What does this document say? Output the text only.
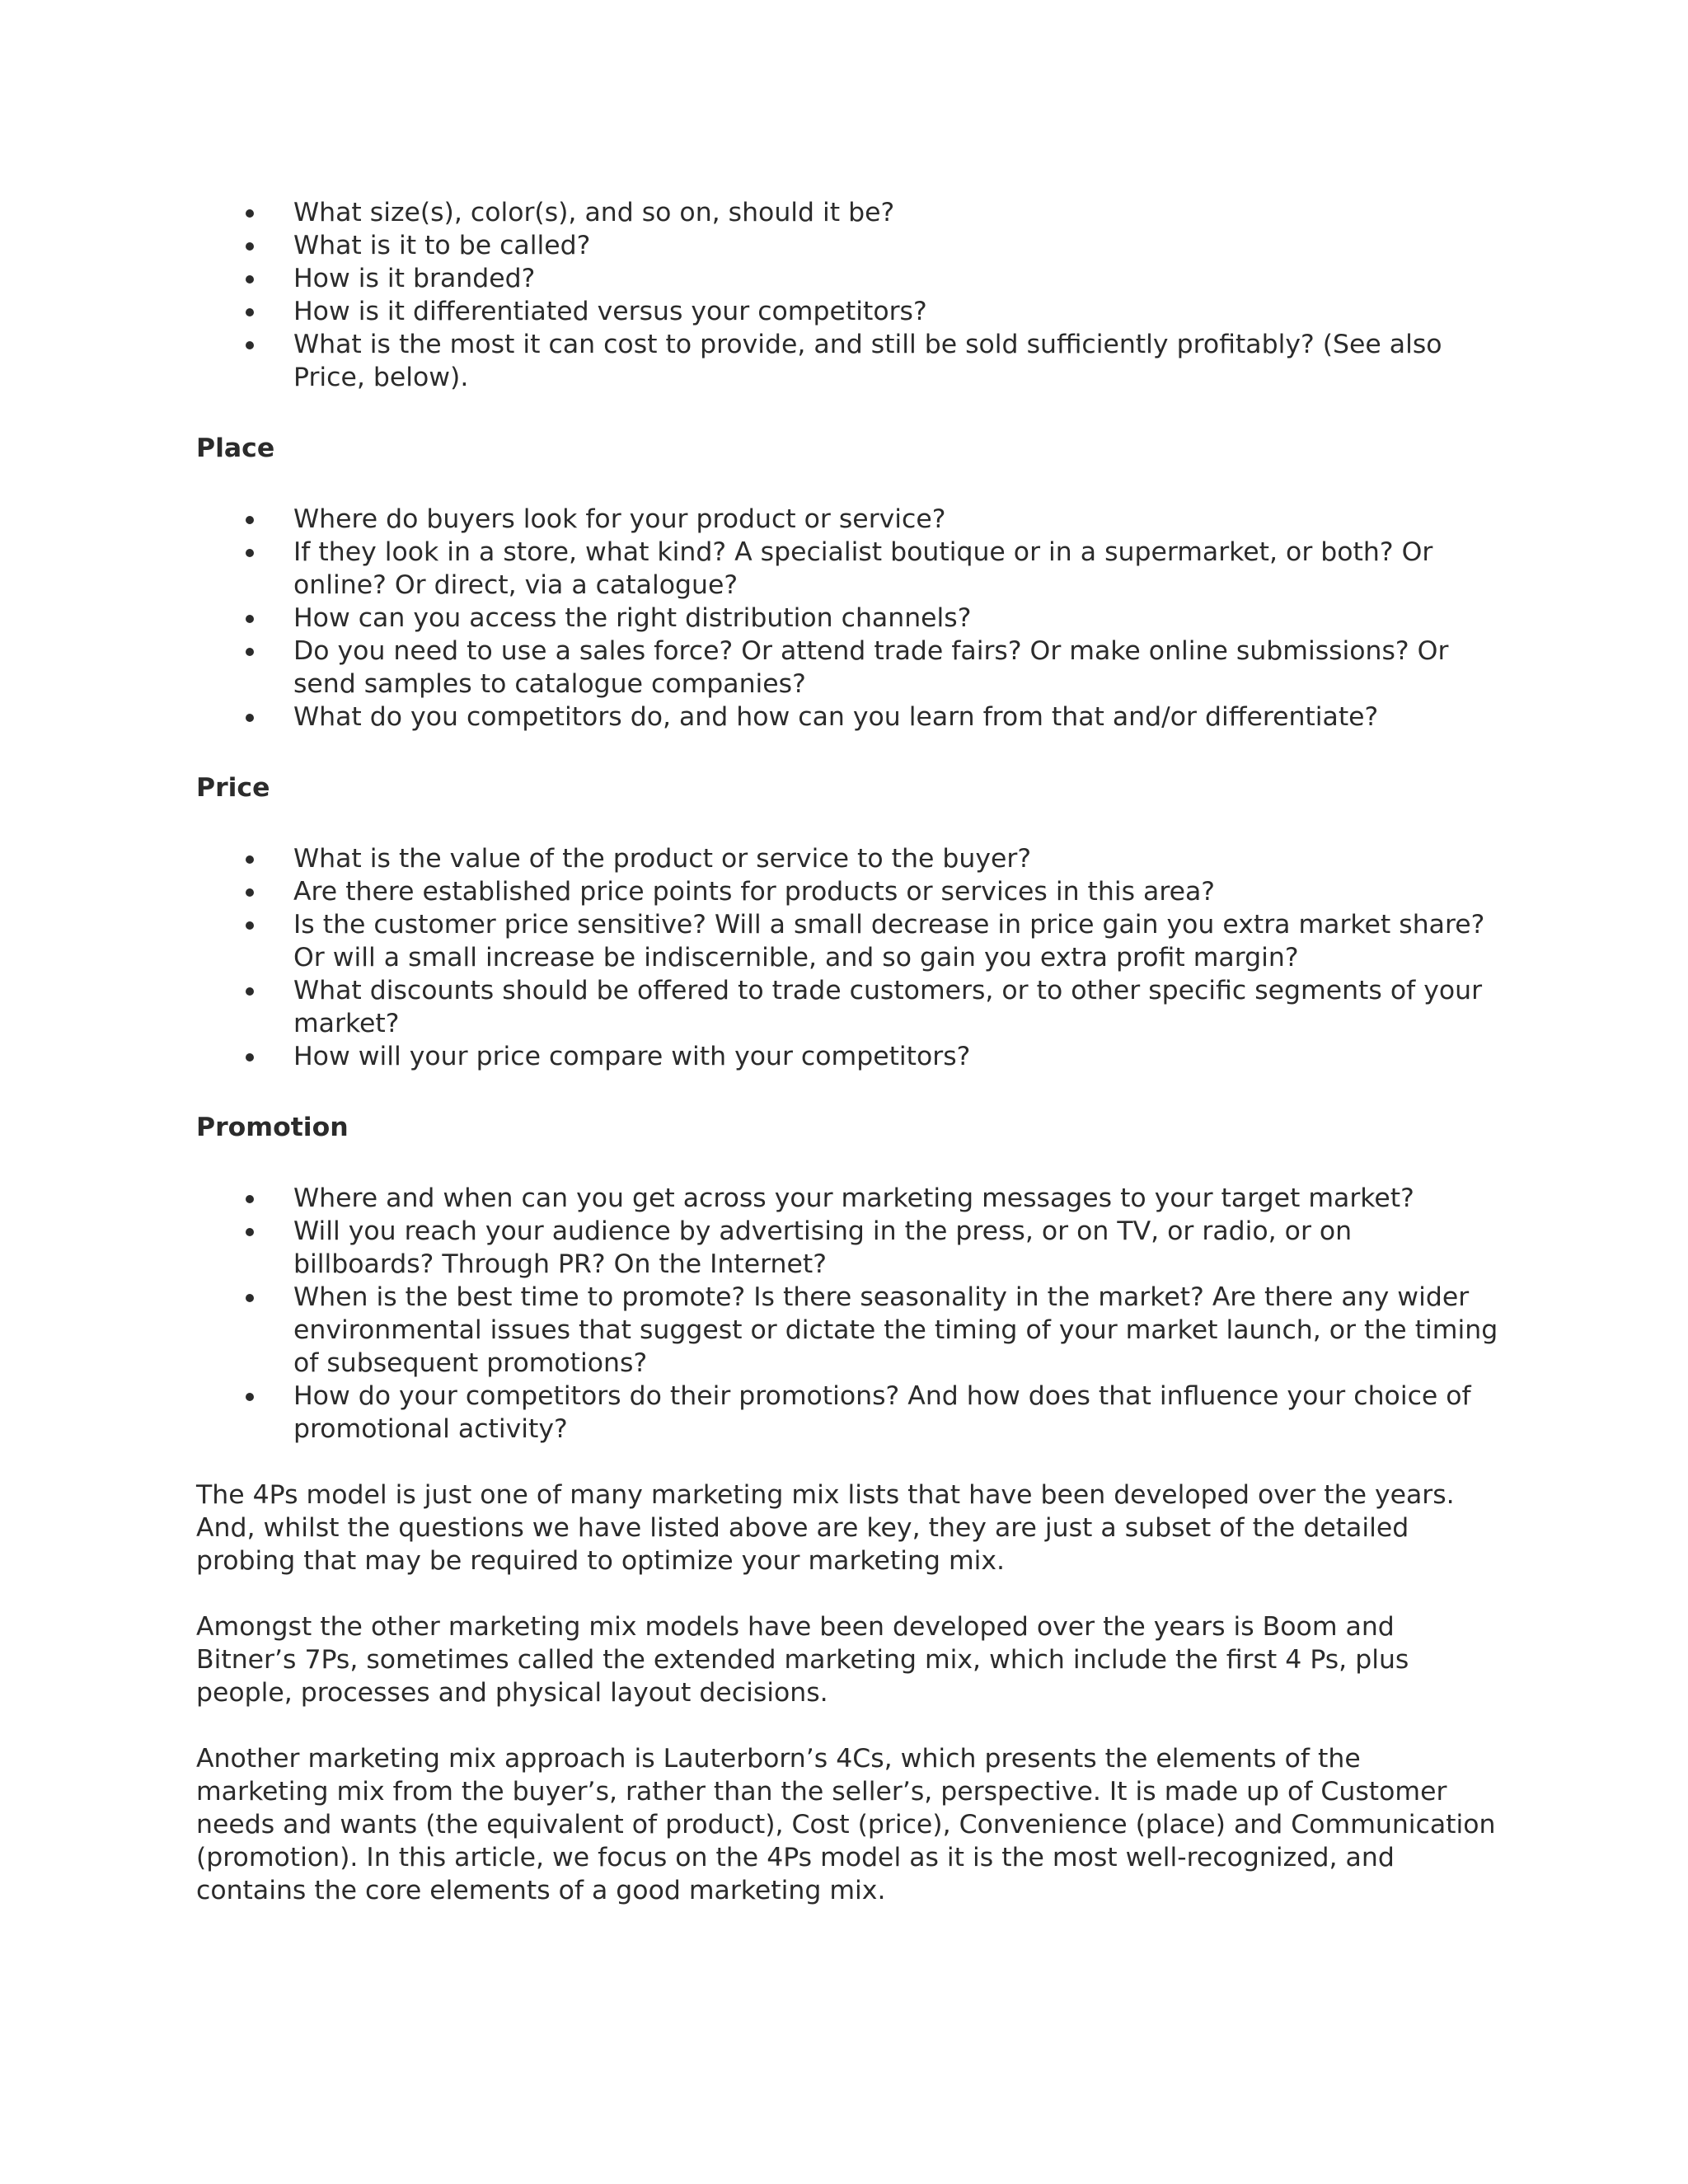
What size(s), color(s), and so on, should it be?
What is it to be called?
How is it branded?
How is it differentiated versus your competitors?
What is the most it can cost to provide, and still be sold sufficiently profitably? (See also Price, below).
Place
Where do buyers look for your product or service?
If they look in a store, what kind? A specialist boutique or in a supermarket, or both? Or online? Or direct, via a catalogue?
How can you access the right distribution channels?
Do you need to use a sales force? Or attend trade fairs? Or make online submissions? Or send samples to catalogue companies?
What do you competitors do, and how can you learn from that and/or differentiate?
Price
What is the value of the product or service to the buyer?
Are there established price points for products or services in this area?
Is the customer price sensitive? Will a small decrease in price gain you extra market share? Or will a small increase be indiscernible, and so gain you extra profit margin?
What discounts should be offered to trade customers, or to other specific segments of your market?
How will your price compare with your competitors?
Promotion
Where and when can you get across your marketing messages to your target market?
Will you reach your audience by advertising in the press, or on TV, or radio, or on billboards? Through PR? On the Internet?
When is the best time to promote? Is there seasonality in the market? Are there any wider environmental issues that suggest or dictate the timing of your market launch, or the timing of subsequent promotions?
How do your competitors do their promotions? And how does that influence your choice of promotional activity?

The 4Ps model is just one of many marketing mix lists that have been developed over the years. And, whilst the questions we have listed above are key, they are just a subset of the detailed probing that may be required to optimize your marketing mix.

Amongst the other marketing mix models have been developed over the years is Boom and Bitner’s 7Ps, sometimes called the extended marketing mix, which include the first 4 Ps, plus people, processes and physical layout decisions.

Another marketing mix approach is Lauterborn’s 4Cs, which presents the elements of the marketing mix from the buyer’s, rather than the seller’s, perspective. It is made up of Customer needs and wants (the equivalent of product), Cost (price), Convenience (place) and Communication (promotion). In this article, we focus on the 4Ps model as it is the most well-recognized, and contains the core elements of a good marketing mix.
